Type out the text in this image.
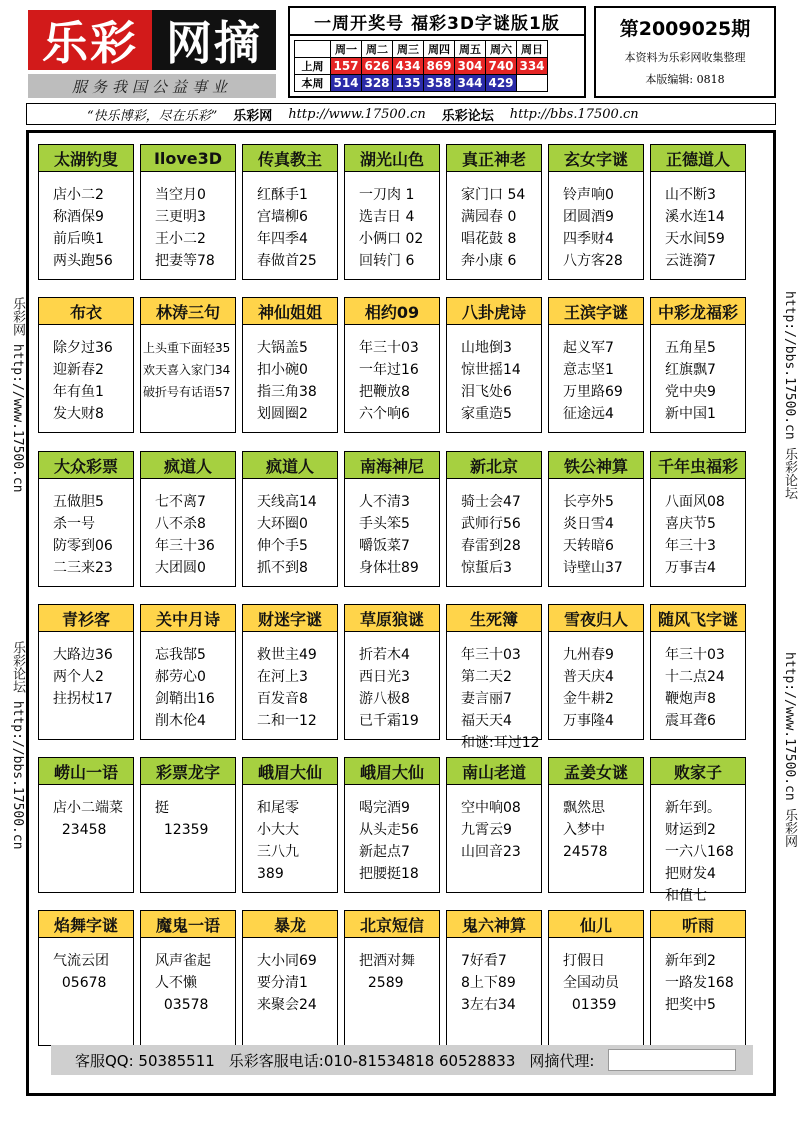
乐彩 网摘
服务我国公益事业
一周开奖号 福彩3D字谜版1版
	周一	周二	周三	周四	周五	周六	周日
上周	157	626	434	869	304	740	334
本周	514	328	135	358	344	429	
第2009025期
本资料为乐彩网收集整理
本版编辑: 0818
“快乐博彩，尽在乐彩” 乐彩网 http://www.17500.cn 乐彩论坛 http://bbs.17500.cn
乐彩网 http://www.17500.cn
乐彩论坛 http://bbs.17500.cn
http://bbs.17500.cn 乐彩论坛
http://www.17500.cn 乐彩网
太湖钓叟
店小二2
称酒保9
前后唤1
两头跑56
Ilove3D
当空月0
三更明3
王小二2
把妻等78
传真教主
红酥手1
宫墙柳6
年四季4
春做首25
湖光山色
一刀肉 1
选吉日 4
小俩口 02
回转门 6
真正神老
家门口 54
满园春 0
唱花鼓 8
奔小康 6
玄女字谜
铃声响0
团圆酒9
四季财4
八方客28
正德道人
山不断3
溪水连14
天水间59
云涟漪7
布衣
除夕过36
迎新春2
年有鱼1
发大财8
林涛三句
上头重下面轻35
欢天喜入家门34
破折号有话语57
神仙姐姐
大锅盖5
扣小碗0
指三角38
划圆圈2
相约09
年三十03
一年过16
把鞭放8
六个响6
八卦虎诗
山地倒3
惊世摇14
泪飞处6
家重造5
王滨字谜
起义军7
意志坚1
万里路69
征途远4
中彩龙福彩
五角星5
红旗飘7
党中央9
新中国1
大众彩票
五做胆5
杀一号
防零到06
二三来23
疯道人
七不离7
八不杀8
年三十36
大团圆0
疯道人
天线高14
大环圈0
伸个手5
抓不到8
南海神尼
人不清3
手头笨5
嚼饭菜7
身体壮89
新北京
骑士会47
武师行56
春雷到28
惊蜇后3
铁公神算
长亭外5
炎日雪4
天转暗6
诗壁山37
千年虫福彩
八面风08
喜庆节5
年三十3
万事吉4
青衫客
大路边36
两个人2
拄拐杖17
关中月诗
忘我郜5
郝劳心0
剑鞘出16
削木伦4
财迷字谜
救世主49
在河上3
百发音8
二和一12
草原狼谜
折若木4
西日光3
游八极8
已千霜19
生死簿
年三十03
第二天2
妻言丽7
福天天4
和谜:耳过12
雪夜归人
九州春9
普天庆4
金牛耕2
万事隆4
随风飞字谜
年三十03
十二点24
鞭炮声8
震耳聋6
崂山一语
店小二端菜
23458
彩票龙字
挺
12359
峨眉大仙
和尾零
小大大
三八九
389
峨眉大仙
喝完酒9
从头走56
新起点7
把腰挺18
南山老道
空中响08
九霄云9
山回音23
孟姜女谜
飘然思
入梦中
24578
败家子
新年到。
财运到2
一六八168
把财发4
和值七
焰舞字谜
气流云团
05678
魔鬼一语
风声雀起
人不懒
03578
暴龙
大小同69
要分清1
来聚会24
北京短信
把酒对舞
2589
鬼六神算
7好看7
8上下89
3左右34
仙儿
打假日
全国动员
01359
听雨
新年到2
一路发168
把奖中5
客服QQ: 50385511 乐彩客服电话:010-81534818 60528833 网摘代理:
